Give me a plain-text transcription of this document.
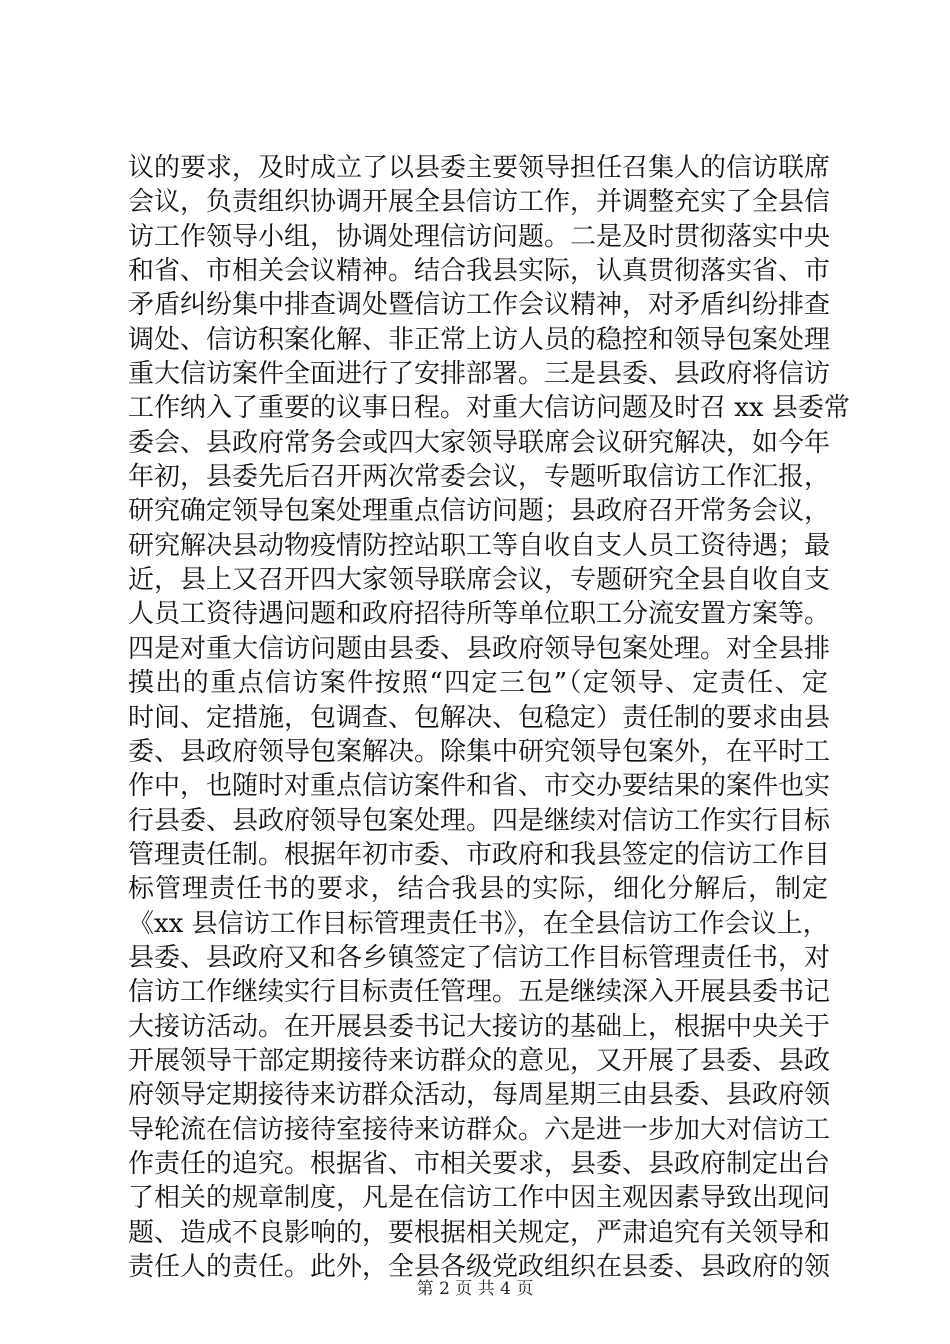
议的要求，及时成立了以县委主要领导担任召集人的信访联席
会议，负责组织协调开展全县信访工作，并调整充实了全县信
访工作领导小组，协调处理信访问题。二是及时贯彻落实中央
和省、市相关会议精神。结合我县实际，认真贯彻落实省、市
矛盾纠纷集中排查调处暨信访工作会议精神，对矛盾纠纷排查
调处、信访积案化解、非正常上访人员的稳控和领导包案处理
重大信访案件全面进行了安排部署。三是县委、县政府将信访
工作纳入了重要的议事日程。对重大信访问题及时召 xx 县委常
委会、县政府常务会或四大家领导联席会议研究解决，如今年
年初，县委先后召开两次常委会议，专题听取信访工作汇报，
研究确定领导包案处理重点信访问题；县政府召开常务会议，
研究解决县动物疫情防控站职工等自收自支人员工资待遇；最
近，县上又召开四大家领导联席会议，专题研究全县自收自支
人员工资待遇问题和政府招待所等单位职工分流安置方案等。
四是对重大信访问题由县委、县政府领导包案处理。对全县排
摸出的重点信访案件按照“四定三包”（定领导、定责任、定
时间、定措施，包调查、包解决、包稳定）责任制的要求由县
委、县政府领导包案解决。除集中研究领导包案外，在平时工
作中，也随时对重点信访案件和省、市交办要结果的案件也实
行县委、县政府领导包案处理。四是继续对信访工作实行目标
管理责任制。根据年初市委、市政府和我县签定的信访工作目
标管理责任书的要求，结合我县的实际，细化分解后，制定
《xx 县信访工作目标管理责任书》，在全县信访工作会议上，
县委、县政府又和各乡镇签定了信访工作目标管理责任书，对
信访工作继续实行目标责任管理。五是继续深入开展县委书记
大接访活动。在开展县委书记大接访的基础上，根据中央关于
开展领导干部定期接待来访群众的意见，又开展了县委、县政
府领导定期接待来访群众活动，每周星期三由县委、县政府领
导轮流在信访接待室接待来访群众。六是进一步加大对信访工
作责任的追究。根据省、市相关要求，县委、县政府制定出台
了相关的规章制度，凡是在信访工作中因主观因素导致出现问
题、造成不良影响的，要根据相关规定，严肃追究有关领导和
责任人的责任。此外，全县各级党政组织在县委、县政府的领
第 2 页 共 4 页
